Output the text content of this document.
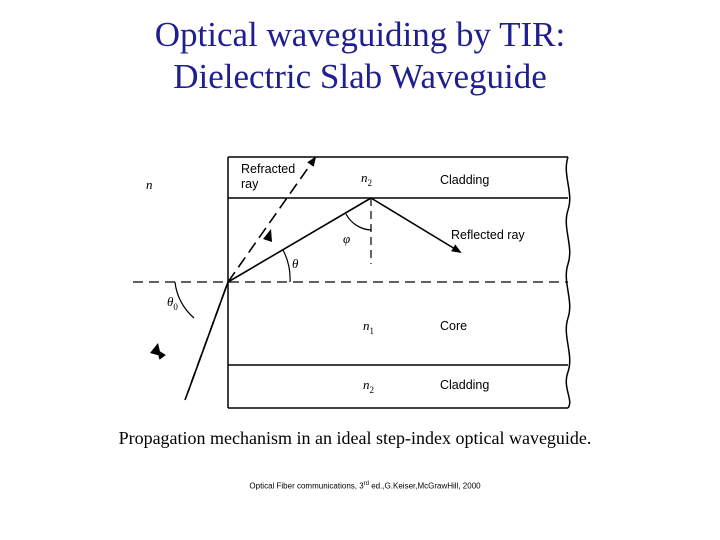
Optical waveguiding by TIR:
Dielectric Slab Waveguide
n	$n_2$
$n_1$
$n_2$
φ
θ
$\theta_0$
Cladding
Core
Cladding
Refracted
ray
Reflected ray
Propagation mechanism in an ideal step-index optical waveguide.
Optical Fiber communications, 3rd ed.,G.Keiser,McGrawHill, 2000
